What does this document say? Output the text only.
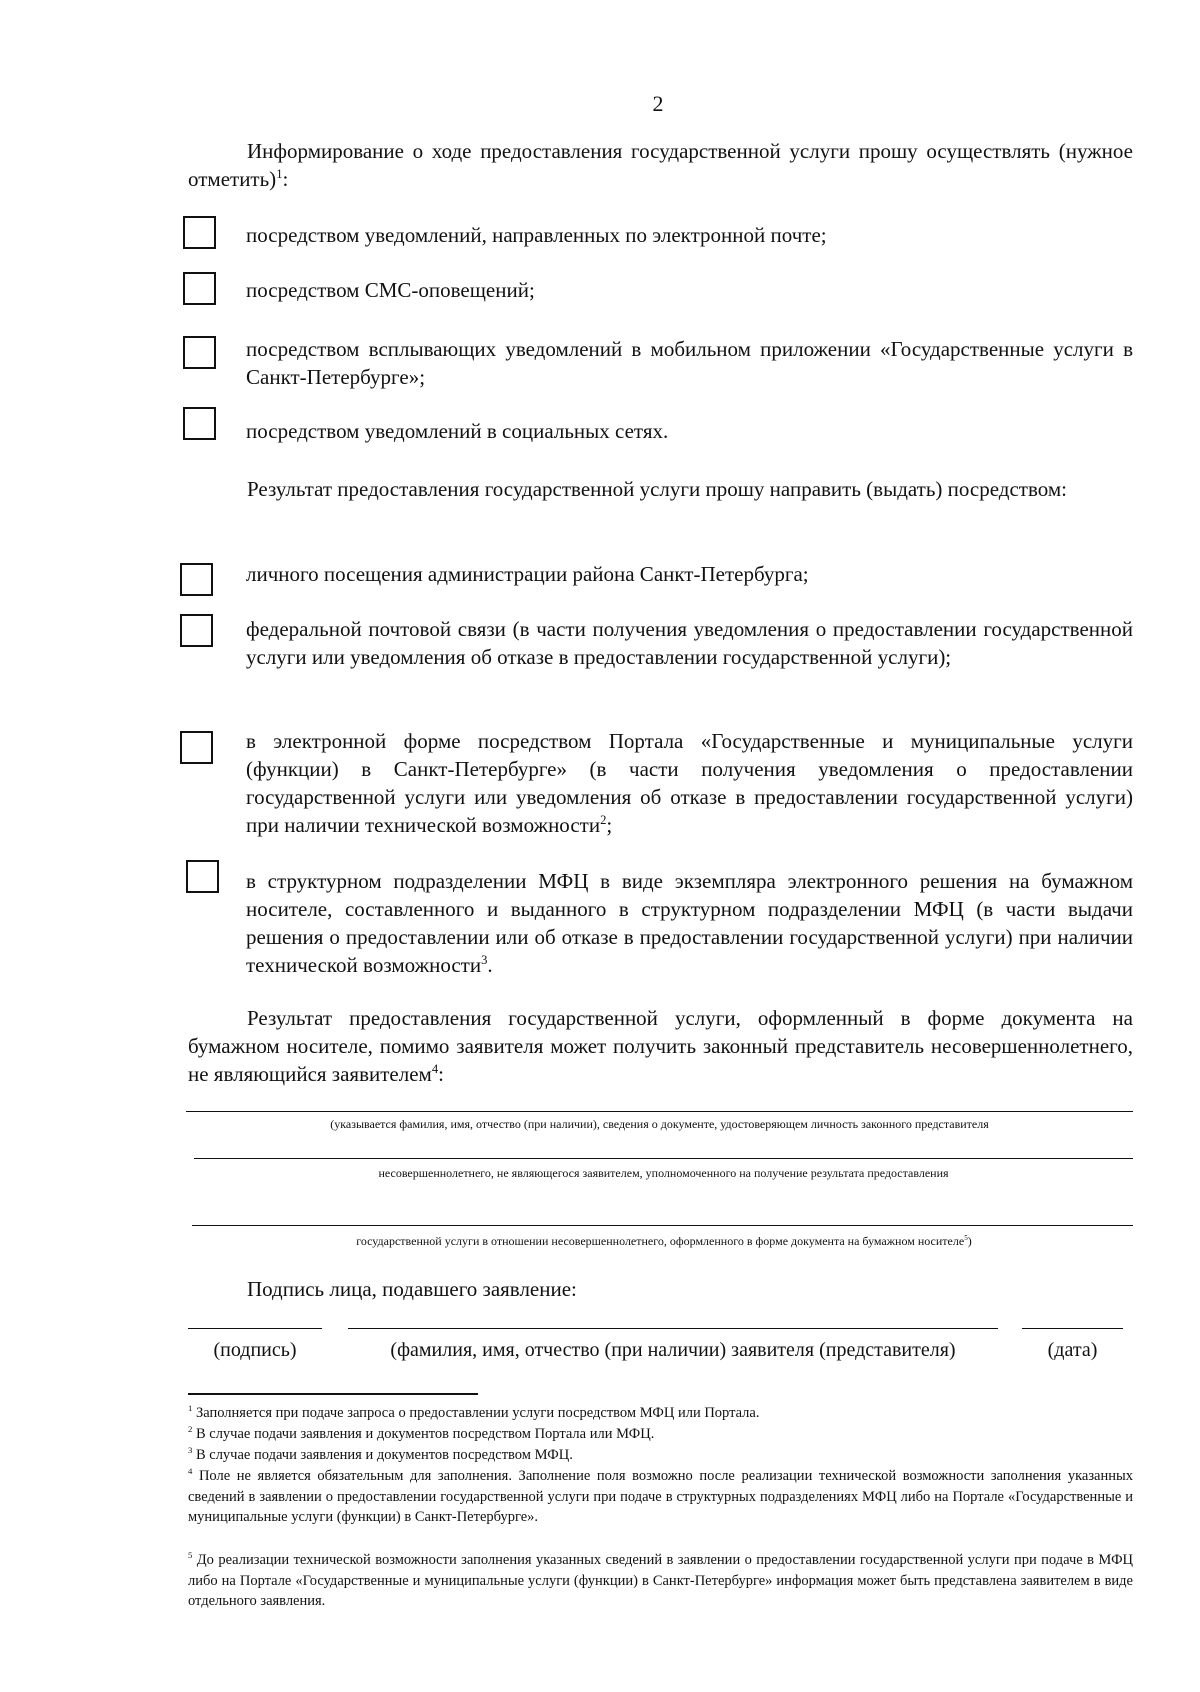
2
Информирование о ходе предоставления государственной услуги прошу осуществлять (нужное отметить)$^1$:
посредством уведомлений, направленных по электронной почте;
посредством СМС-оповещений;
посредством всплывающих уведомлений в мобильном приложении «Государственные услуги в Санкт-Петербурге»;
посредством уведомлений в социальных сетях.
Результат предоставления государственной услуги прошу направить (выдать) посредством:
личного посещения администрации района Санкт-Петербурга;
федеральной почтовой связи (в части получения уведомления о предоставлении государственной услуги или уведомления об отказе в предоставлении государственной услуги);
в электронной форме посредством Портала «Государственные и муниципальные услуги (функции) в Санкт-Петербурге» (в части получения уведомления о предоставлении государственной услуги или уведомления об отказе в предоставлении государственной услуги) при наличии технической возможности$^2$;
в структурном подразделении МФЦ в виде экземпляра электронного решения на бумажном носителе, составленного и выданного в структурном подразделении МФЦ (в части выдачи решения о предоставлении или об отказе в предоставлении государственной услуги) при наличии технической возможности$^3$.
Результат предоставления государственной услуги, оформленный в форме документа на бумажном носителе, помимо заявителя может получить законный представитель несовершеннолетнего, не являющийся заявителем$^4$:
(указывается фамилия, имя, отчество (при наличии), сведения о документе, удостоверяющем личность законного представителя
несовершеннолетнего, не являющегося заявителем, уполномоченного на получение результата предоставления
государственной услуги в отношении несовершеннолетнего, оформленного в форме документа на бумажном носителе$^5$)
Подпись лица, подавшего заявление:
(подпись)	(фамилия, имя, отчество (при наличии) заявителя (представителя)	(дата)
$^1$ Заполняется при подаче запроса о предоставлении услуги посредством МФЦ или Портала.
$^2$ В случае подачи заявления и документов посредством Портала или МФЦ.
$^3$ В случае подачи заявления и документов посредством МФЦ.
$^4$ Поле не является обязательным для заполнения. Заполнение поля возможно после реализации технической возможности заполнения указанных сведений в заявлении о предоставлении государственной услуги при подаче в структурных подразделениях МФЦ либо на Портале «Государственные и муниципальные услуги (функции) в Санкт-Петербурге».
$^5$ До реализации технической возможности заполнения указанных сведений в заявлении о предоставлении государственной услуги при подаче в МФЦ либо на Портале «Государственные и муниципальные услуги (функции) в Санкт-Петербурге» информация может быть представлена заявителем в виде отдельного заявления.
